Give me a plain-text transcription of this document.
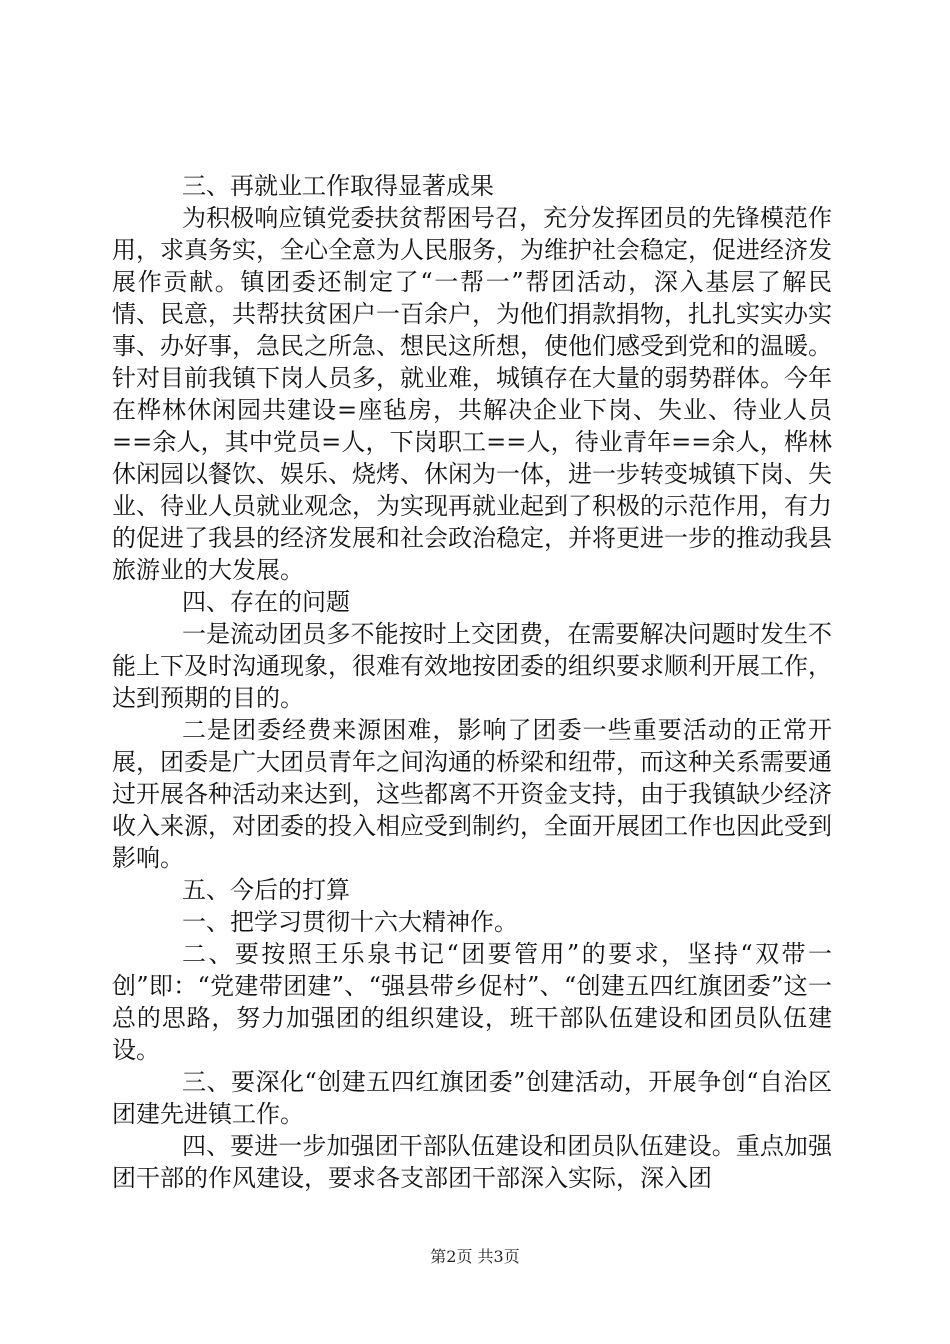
三、再就业工作取得显著成果

为积极响应镇党委扶贫帮困号召，充分发挥团员的先锋模范作用，求真务实，全心全意为人民服务，为维护社会稳定，促进经济发展作贡献。镇团委还制定了“一帮一”帮团活动，深入基层了解民情、民意，共帮扶贫困户一百余户，为他们捐款捐物，扎扎实实办实事、办好事，急民之所急、想民这所想，使他们感受到党和的温暖。针对目前我镇下岗人员多，就业难，城镇存在大量的弱势群体。今年在桦林休闲园共建设=座毡房，共解决企业下岗、失业、待业人员==余人，其中党员=人，下岗职工==人，待业青年==余人，桦林休闲园以餐饮、娱乐、烧烤、休闲为一体，进一步转变城镇下岗、失业、待业人员就业观念，为实现再就业起到了积极的示范作用，有力的促进了我县的经济发展和社会政治稳定，并将更进一步的推动我县旅游业的大发展。

四、存在的问题

一是流动团员多不能按时上交团费，在需要解决问题时发生不能上下及时沟通现象，很难有效地按团委的组织要求顺利开展工作，达到预期的目的。

二是团委经费来源困难，影响了团委一些重要活动的正常开展，团委是广大团员青年之间沟通的桥梁和纽带，而这种关系需要通过开展各种活动来达到，这些都离不开资金支持，由于我镇缺少经济收入来源，对团委的投入相应受到制约，全面开展团工作也因此受到影响。

五、今后的打算

一、把学习贯彻十六大精神作。

二、要按照王乐泉书记“团要管用”的要求，坚持“双带一创”即：“党建带团建”、“强县带乡促村”、“创建五四红旗团委”这一总的思路，努力加强团的组织建设，班干部队伍建设和团员队伍建设。

三、要深化“创建五四红旗团委”创建活动，开展争创“自治区团建先进镇工作。

四、要进一步加强团干部队伍建设和团员队伍建设。重点加强团干部的作风建设，要求各支部团干部深入实际，深入团

第2页 共3页
